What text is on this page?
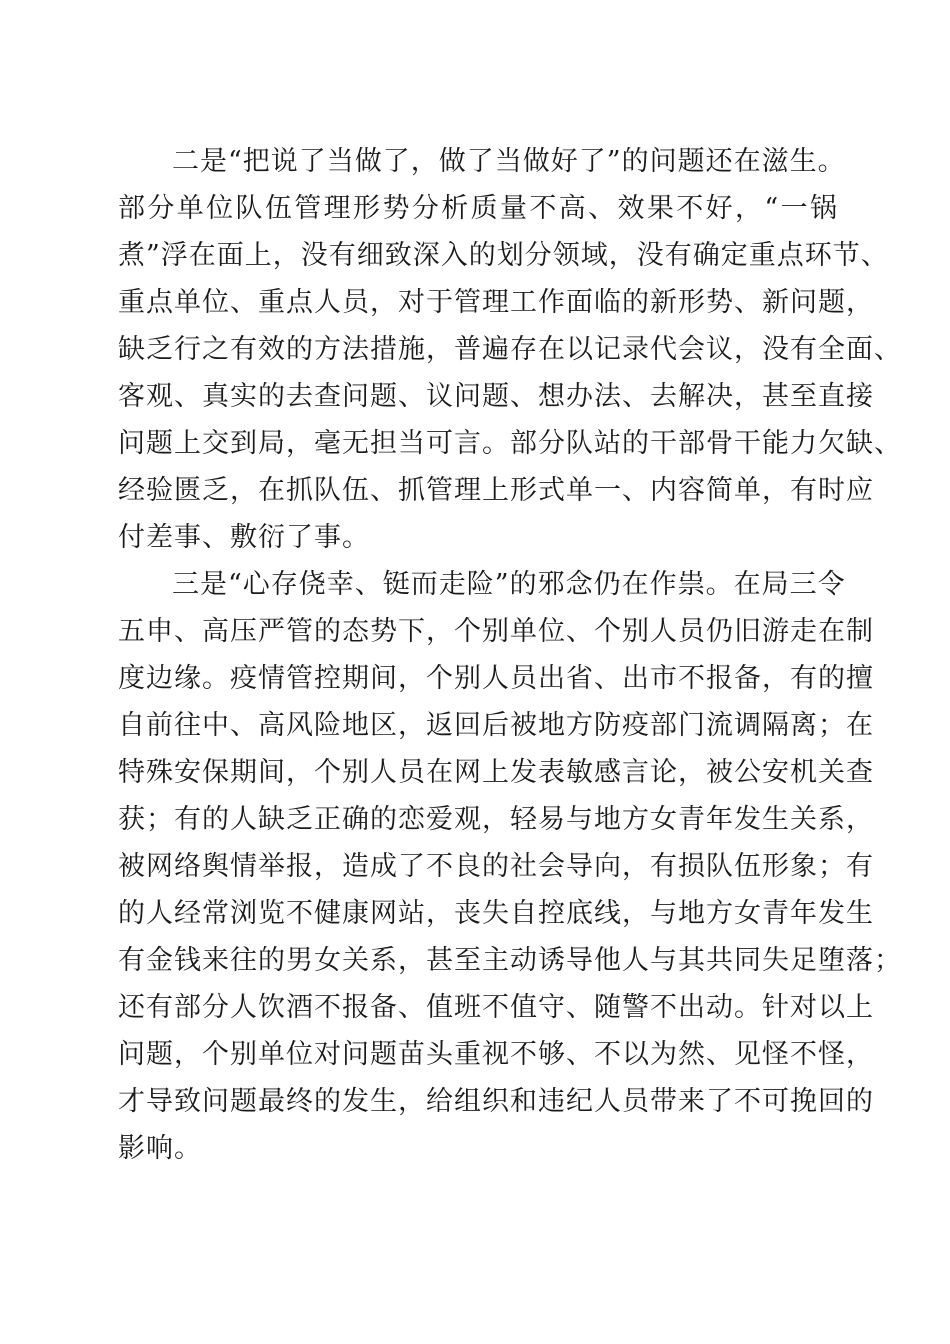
二是“把说了当做了，做了当做好了”的问题还在滋生。
部分单位队伍管理形势分析质量不高、效果不好，“一锅
煮”浮在面上，没有细致深入的划分领域，没有确定重点环节、
重点单位、重点人员，对于管理工作面临的新形势、新问题，
缺乏行之有效的方法措施，普遍存在以记录代会议，没有全面、
客观、真实的去查问题、议问题、想办法、去解决，甚至直接
问题上交到局，毫无担当可言。部分队站的干部骨干能力欠缺、
经验匮乏，在抓队伍、抓管理上形式单一、内容简单，有时应
付差事、敷衍了事。
三是“心存侥幸、铤而走险”的邪念仍在作祟。在局三令
五申、高压严管的态势下，个别单位、个别人员仍旧游走在制
度边缘。疫情管控期间，个别人员出省、出市不报备，有的擅
自前往中、高风险地区，返回后被地方防疫部门流调隔离；在
特殊安保期间，个别人员在网上发表敏感言论，被公安机关查
获；有的人缺乏正确的恋爱观，轻易与地方女青年发生关系，
被网络舆情举报，造成了不良的社会导向，有损队伍形象；有
的人经常浏览不健康网站，丧失自控底线，与地方女青年发生
有金钱来往的男女关系，甚至主动诱导他人与其共同失足堕落；
还有部分人饮酒不报备、值班不值守、随警不出动。针对以上
问题，个别单位对问题苗头重视不够、不以为然、见怪不怪，
才导致问题最终的发生，给组织和违纪人员带来了不可挽回的
影响。
